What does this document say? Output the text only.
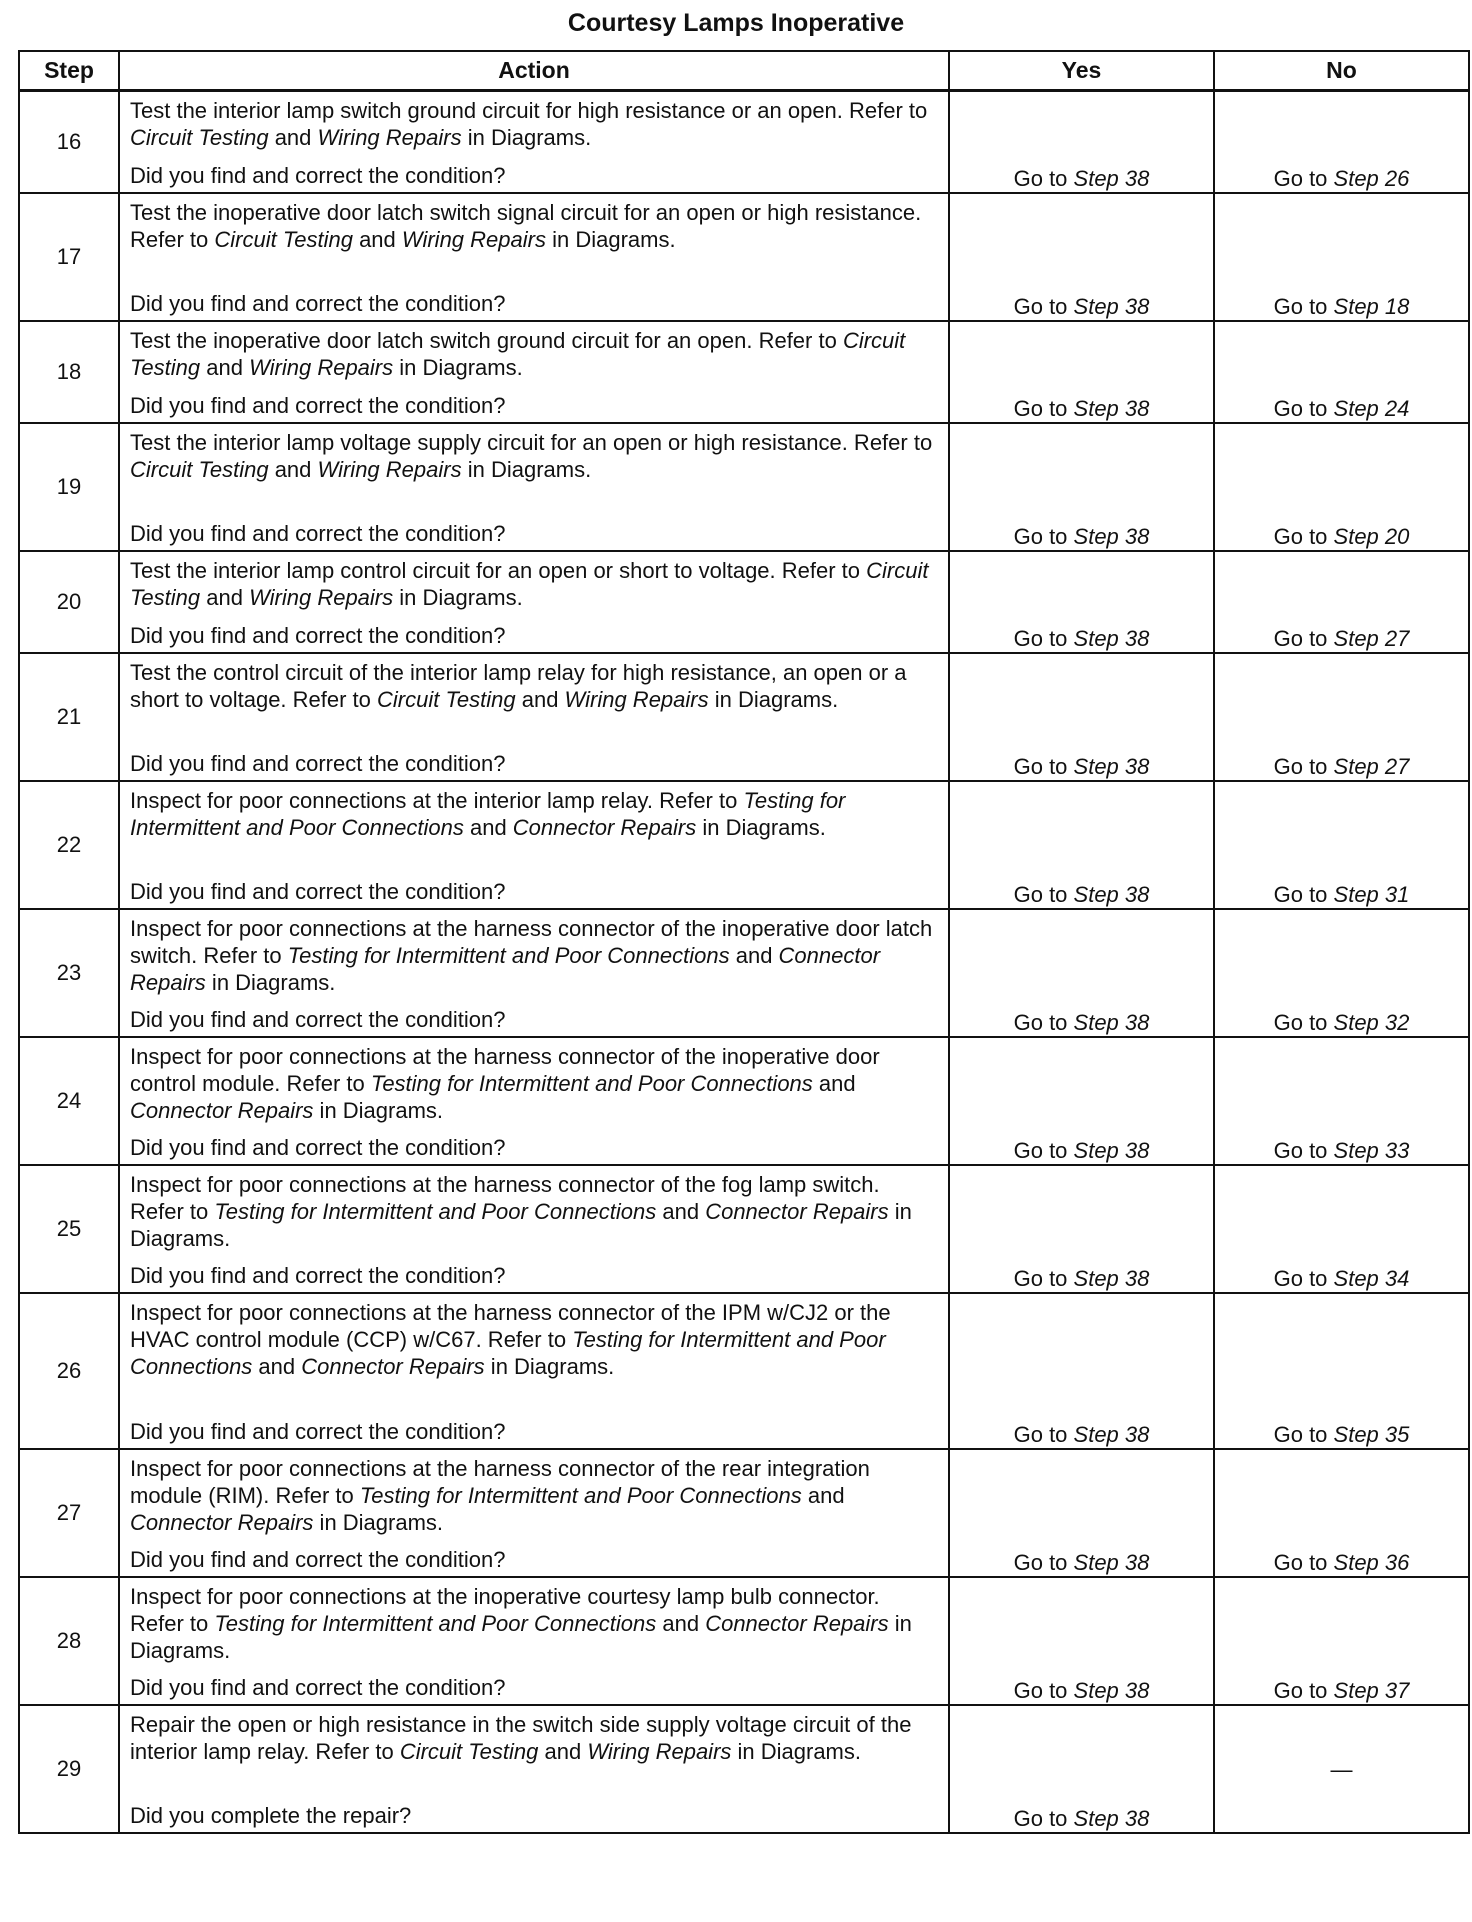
Courtesy Lamps Inoperative
Step	Action	Yes	No
16	Test the interior lamp switch ground circuit for high resistance or an open. Refer to Circuit Testing and Wiring Repairs in Diagrams.

Did you find and correct the condition?	Go to Step 38	Go to Step 26
17	Test the inoperative door latch switch signal circuit for an open or high resistance. Refer to Circuit Testing and Wiring Repairs in Diagrams.

Did you find and correct the condition?	Go to Step 38	Go to Step 18
18	Test the inoperative door latch switch ground circuit for an open. Refer to Circuit Testing and Wiring Repairs in Diagrams.

Did you find and correct the condition?	Go to Step 38	Go to Step 24
19	Test the interior lamp voltage supply circuit for an open or high resistance. Refer to Circuit Testing and Wiring Repairs in Diagrams.

Did you find and correct the condition?	Go to Step 38	Go to Step 20
20	Test the interior lamp control circuit for an open or short to voltage. Refer to Circuit Testing and Wiring Repairs in Diagrams.

Did you find and correct the condition?	Go to Step 38	Go to Step 27
21	Test the control circuit of the interior lamp relay for high resistance, an open or a short to voltage. Refer to Circuit Testing and Wiring Repairs in Diagrams.

Did you find and correct the condition?	Go to Step 38	Go to Step 27
22	Inspect for poor connections at the interior lamp relay. Refer to Testing for Intermittent and Poor Connections and Connector Repairs in Diagrams.

Did you find and correct the condition?	Go to Step 38	Go to Step 31
23	Inspect for poor connections at the harness connector of the inoperative door latch switch. Refer to Testing for Intermittent and Poor Connections and Connector Repairs in Diagrams.

Did you find and correct the condition?	Go to Step 38	Go to Step 32
24	Inspect for poor connections at the harness connector of the inoperative door control module. Refer to Testing for Intermittent and Poor Connections and Connector Repairs in Diagrams.

Did you find and correct the condition?	Go to Step 38	Go to Step 33
25	Inspect for poor connections at the harness connector of the fog lamp switch. Refer to Testing for Intermittent and Poor Connections and Connector Repairs in Diagrams.

Did you find and correct the condition?	Go to Step 38	Go to Step 34
26	Inspect for poor connections at the harness connector of the IPM w/CJ2 or the HVAC control module (CCP) w/C67. Refer to Testing for Intermittent and Poor Connections and Connector Repairs in Diagrams.

Did you find and correct the condition?	Go to Step 38	Go to Step 35
27	Inspect for poor connections at the harness connector of the rear integration module (RIM). Refer to Testing for Intermittent and Poor Connections and Connector Repairs in Diagrams.

Did you find and correct the condition?	Go to Step 38	Go to Step 36
28	Inspect for poor connections at the inoperative courtesy lamp bulb connector. Refer to Testing for Intermittent and Poor Connections and Connector Repairs in Diagrams.

Did you find and correct the condition?	Go to Step 38	Go to Step 37
29	Repair the open or high resistance in the switch side supply voltage circuit of the interior lamp relay. Refer to Circuit Testing and Wiring Repairs in Diagrams.

Did you complete the repair?	Go to Step 38	—
